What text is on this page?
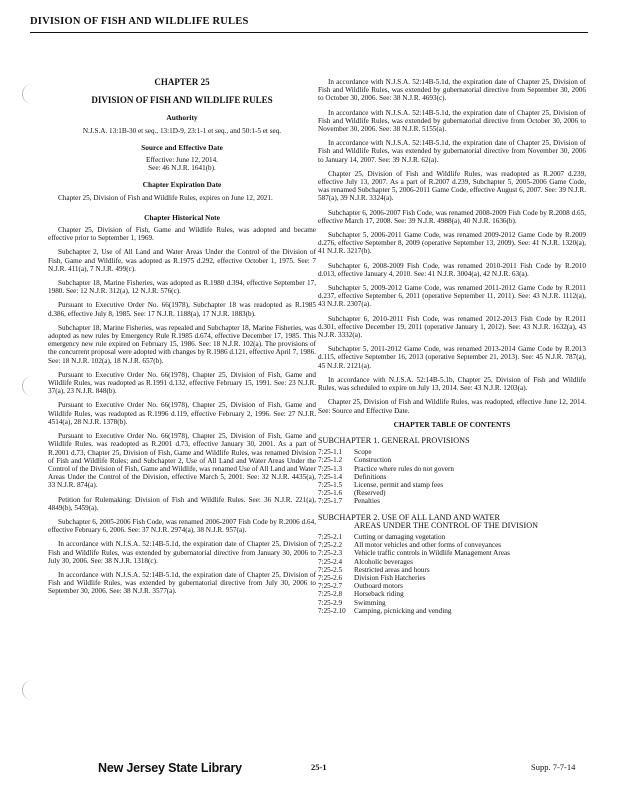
DIVISION OF FISH AND WILDLIFE RULES
CHAPTER 25
DIVISION OF FISH AND WILDLIFE RULES
Authority
N.J.S.A. 13:1B-30 et seq., 13:1D-9, 23:1-1 et seq., and 50:1-5 et seq.
Source and Effective Date
Effective: June 12, 2014.
See: 46 N.J.R. 1641(b).
Chapter Expiration Date
Chapter 25, Division of Fish and Wildlife Rules, expires on June 12, 2021.
Chapter Historical Note
Chapter 25, Division of Fish, Game and Wildlife Rules, was adopted and became effective prior to September 1, 1969.
Subchapter 2, Use of All Land and Water Areas Under the Control of the Division of Fish, Game and Wildlife, was adopted as R.1975 d.292, effective October 1, 1975. See: 7 N.J.R. 411(a), 7 N.J.R. 499(c).
Subchapter 18, Marine Fisheries, was adopted as R.1980 d.394, effective September 17, 1980. See: 12 N.J.R. 312(a), 12 N.J.R. 576(c).
Pursuant to Executive Order No. 66(1978), Subchapter 18 was readopted as R.1985 d.386, effective July 8, 1985. See: 17 N.J.R. 1188(a), 17 N.J.R. 1883(b).
Subchapter 18, Marine Fisheries, was repealed and Subchapter 18, Marine Fisheries, was adopted as new rules by Emergency Rule R.1985 d.674, effective December 17, 1985. This emergency new rule expired on February 15, 1986. See: 18 N.J.R. 102(a). The provisions of the concurrent proposal were adopted with changes by R.1986 d.121, effective April 7, 1986. See: 18 N.J.R. 102(a), 18 N.J.R. 657(b).
Pursuant to Executive Order No. 66(1978), Chapter 25, Division of Fish, Game and Wildlife Rules, was readopted as R.1991 d.132, effective February 15, 1991. See: 23 N.J.R. 37(a), 23 N.J.R. 848(b).
Pursuant to Executive Order No. 66(1978), Chapter 25, Division of Fish, Game and Wildlife Rules, was readopted as R.1996 d.119, effective February 2, 1996. See: 27 N.J.R. 4514(a), 28 N.J.R. 1378(b).
Pursuant to Executive Order No. 66(1978), Chapter 25, Division of Fish, Game and Wildlife Rules, was readopted as R.2001 d.73, effective January 30, 2001. As a part of R.2001 d.73, Chapter 25, Division of Fish, Game and Wildlife Rules, was renamed Division of Fish and Wildlife Rules; and Subchapter 2, Use of All Land and Water Areas Under the Control of the Division of Fish, Game and Wildlife, was renamed Use of All Land and Water Areas Under the Control of the Division, effective March 5, 2001. See: 32 N.J.R. 4435(a), 33 N.J.R. 874(a).
Petition for Rulemaking: Division of Fish and Wildlife Rules. See: 36 N.J.R. 221(a), 4849(b), 5459(a).
Subchapter 6, 2005-2006 Fish Code, was renamed 2006-2007 Fish Code by R.2006 d.64, effective February 6, 2006. See: 37 N.J.R. 2974(a), 38 N.J.R. 957(a).
In accordance with N.J.S.A. 52:14B-5.1d, the expiration date of Chapter 25, Division of Fish and Wildlife Rules, was extended by gubernatorial directive from January 30, 2006 to July 30, 2006. See: 38 N.J.R. 1318(c).
In accordance with N.J.S.A. 52:14B-5.1d, the expiration date of Chapter 25, Division of Fish and Wildlife Rules, was extended by gubernatorial directive from July 30, 2006 to September 30, 2006. See: 38 N.J.R. 3577(a).
In accordance with N.J.S.A. 52:14B-5.1d, the expiration date of Chapter 25, Division of Fish and Wildlife Rules, was extended by gubernatorial directive from September 30, 2006 to October 30, 2006. See: 38 N.J.R. 4693(c).
In accordance with N.J.S.A. 52:14B-5.1d, the expiration date of Chapter 25, Division of Fish and Wildlife Rules, was extended by gubernatorial directive from October 30, 2006 to November 30, 2006. See: 38 N.J.R. 5155(a).
In accordance with N.J.S.A. 52:14B-5.1d, the expiration date of Chapter 25, Division of Fish and Wildlife Rules, was extended by gubernatorial directive from November 30, 2006 to January 14, 2007. See: 39 N.J.R. 62(a).
Chapter 25, Division of Fish and Wildlife Rules, was readopted as R.2007 d.239, effective July 13, 2007. As a part of R.2007 d.239, Subchapter 5, 2005-2006 Game Code, was renamed Subchapter 5, 2006-2011 Game Code, effective August 6, 2007. See: 39 N.J.R. 587(a), 39 N.J.R. 3324(a).
Subchapter 6, 2006-2007 Fish Code, was renamed 2008-2009 Fish Code by R.2008 d.65, effective March 17, 2008. See: 39 N.J.R. 4988(a), 40 N.J.R. 1636(b).
Subchapter 5, 2006-2011 Game Code, was renamed 2009-2012 Game Code by R.2009 d.276, effective September 8, 2009 (operative September 13, 2009). See: 41 N.J.R. 1320(a), 41 N.J.R. 3217(b).
Subchapter 6, 2008-2009 Fish Code, was renamed 2010-2011 Fish Code by R.2010 d.013, effective January 4, 2010. See: 41 N.J.R. 3004(a), 42 N.J.R. 63(a).
Subchapter 5, 2009-2012 Game Code, was renamed 2011-2012 Game Code by R.2011 d.237, effective September 6, 2011 (operative September 11, 2011). See: 43 N.J.R. 1112(a), 43 N.J.R. 2307(a).
Subchapter 6, 2010-2011 Fish Code, was renamed 2012-2013 Fish Code by R.2011 d.301, effective December 19, 2011 (operative January 1, 2012). See: 43 N.J.R. 1632(a), 43 N.J.R. 3332(a).
Subchapter 5, 2011-2012 Game Code, was renamed 2013-2014 Game Code by R.2013 d.115, effective September 16, 2013 (operative September 21, 2013). See: 45 N.J.R. 787(a), 45 N.J.R. 2121(a).
In accordance with N.J.S.A. 52:14B-5.1b, Chapter 25, Division of Fish and Wildlife Rules, was scheduled to expire on July 13, 2014. See: 43 N.J.R. 1203(a).
Chapter 25, Division of Fish and Wildlife Rules, was readopted, effective June 12, 2014. See: Source and Effective Date.
CHAPTER TABLE OF CONTENTS
SUBCHAPTER 1. GENERAL PROVISIONS
7:25-1.1	Scope
7:25-1.2	Construction
7:25-1.3	Practice where rules do not govern
7:25-1.4	Definitions
7:25-1.5	License, permit and stamp fees
7:25-1.6	(Reserved)
7:25-1.7	Penalties
SUBCHAPTER 2. USE OF ALL LAND AND WATER
AREAS UNDER THE CONTROL OF THE DIVISION
7:25-2.1	Cutting or damaging vegetation
7:25-2.2	All motor vehicles and other forms of conveyances
7:25-2.3	Vehicle traffic controls in Wildlife Management Areas
7:25-2.4	Alcoholic beverages
7:25-2.5	Restricted areas and hours
7:25-2.6	Division Fish Hatcheries
7:25-2.7	Outboard motors
7:25-2.8	Horseback riding
7:25-2.9	Swimming
7:25-2.10	Camping, picnicking and vending
New Jersey State Library	25-1	Supp. 7-7-14
